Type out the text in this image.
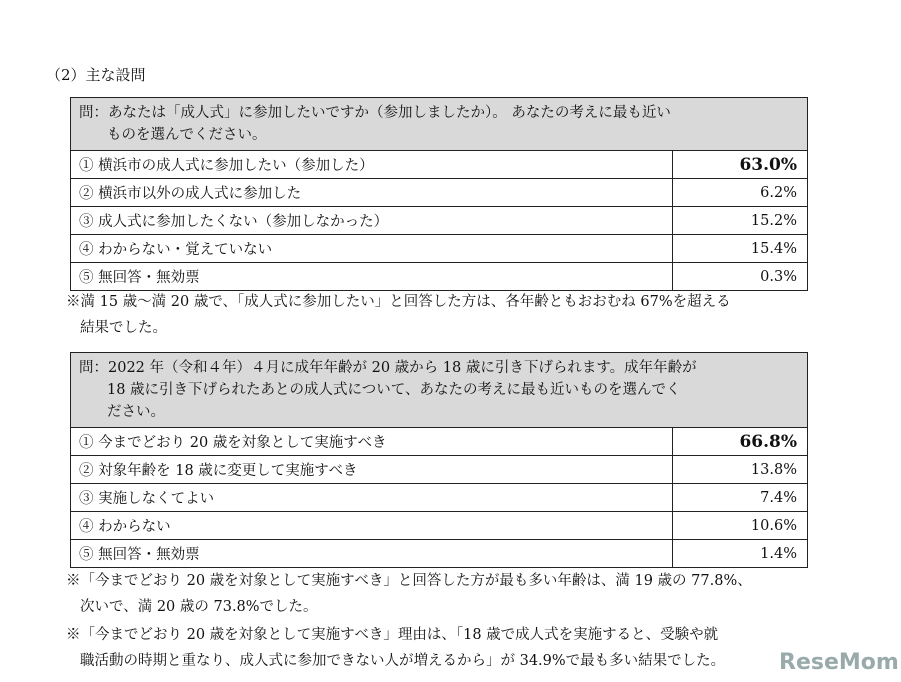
（2）主な設問
問：あなたは「成人式」に参加したいですか（参加しましたか）。 あなたの考えに最も近い
ものを選んでください。	

① 横浜市の成人式に参加したい（参加した）	63.0%
② 横浜市以外の成人式に参加した	6.2%
③ 成人式に参加したくない（参加しなかった）	15.2%
④ わからない・覚えていない	15.4%
⑤ 無回答・無効票	0.3%
※満 15 歳～満 20 歳で、「成人式に参加したい」と回答した方は、各年齢ともおおむね 67%を超える
結果でした。
問：2022 年（令和４年）４月に成年年齢が 20 歳から 18 歳に引き下げられます。成年年齢が
18 歳に引き下げられたあとの成人式について、あなたの考えに最も近いものを選んでく
ださい。	

① 今までどおり 20 歳を対象として実施すべき	66.8%
② 対象年齢を 18 歳に変更して実施すべき	13.8%
③ 実施しなくてよい	7.4%
④ わからない	10.6%
⑤ 無回答・無効票	1.4%
※「今までどおり 20 歳を対象として実施すべき」と回答した方が最も多い年齢は、満 19 歳の 77.8%、
次いで、満 20 歳の 73.8%でした。
※「今までどおり 20 歳を対象として実施すべき」理由は、「18 歳で成人式を実施すると、受験や就
職活動の時期と重なり、成人式に参加できない人が増えるから」が 34.9%で最も多い結果でした。 ReseMom
